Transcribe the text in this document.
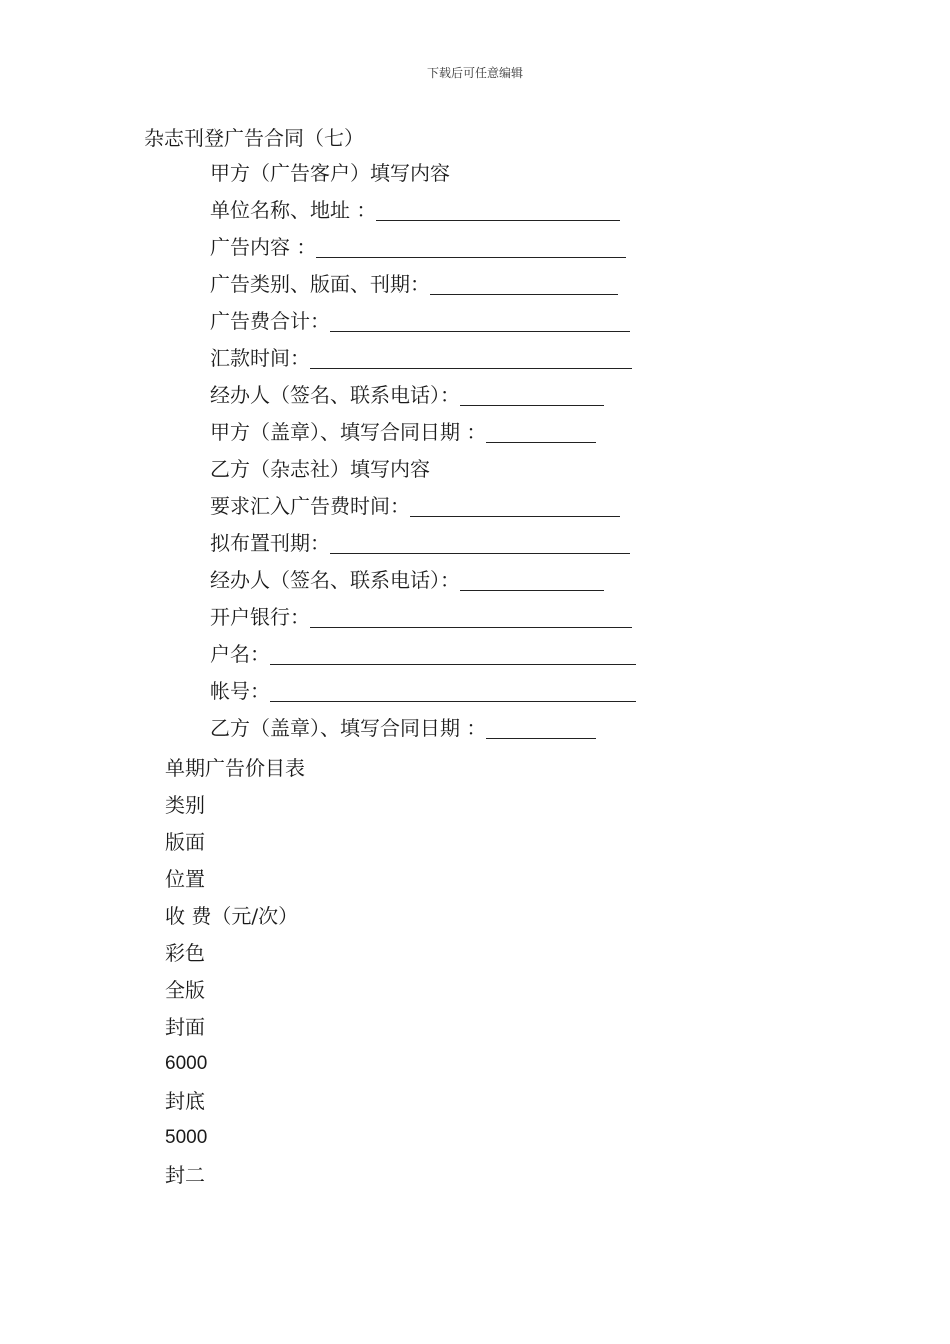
下载后可任意编辑
杂志刊登广告合同（七）
甲方（广告客户）填写内容
单位名称、地址 ：
广告内容 ：
广告类别、版面、刊期：
广告费合计：
汇款时间：
经办人（签名、联系电话）：
甲方（盖章）、填写合同日期 ：
乙方（杂志社）填写内容
要求汇入广告费时间：
拟布置刊期：
经办人（签名、联系电话）：
开户银行：
户名：
帐号：
乙方（盖章）、填写合同日期 ：
单期广告价目表
类别
版面
位置
收 费（元/次）
彩色
全版
封面
6000
封底
5000
封二
